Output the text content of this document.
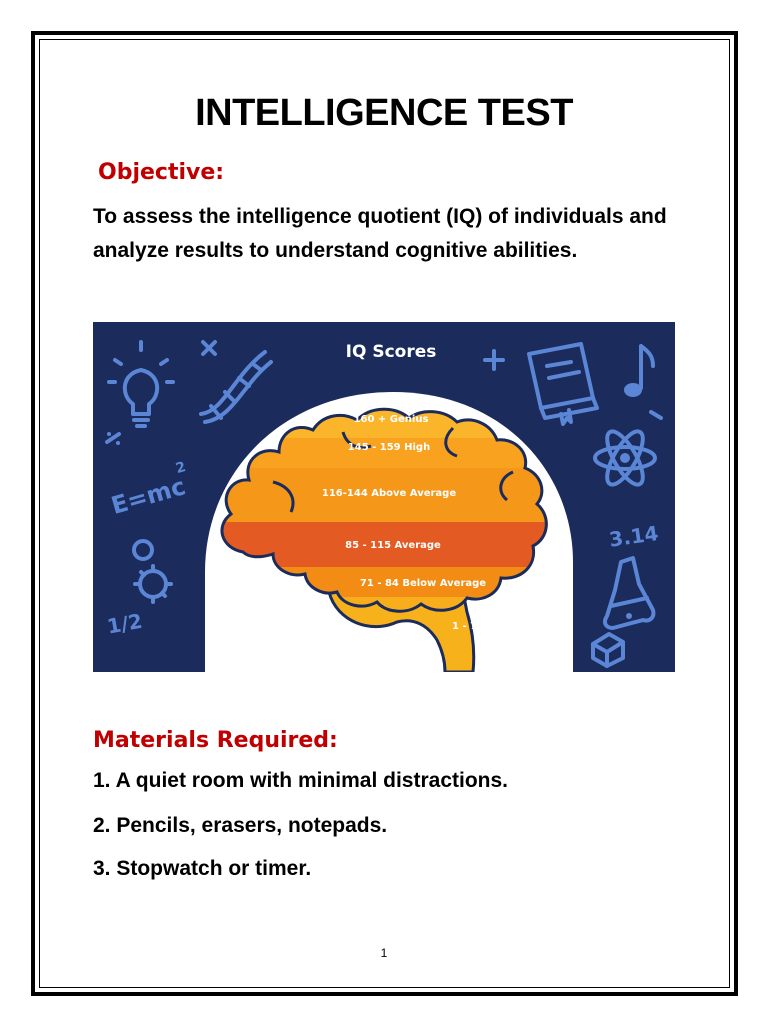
INTELLIGENCE TEST
Objective:

To assess the intelligence quotient (IQ) of individuals and analyze results to understand cognitive abilities.

IQ Scores
160 + Genius
145 - 159 High
116-144 Above Average
85 - 115 Average
71 - 84 Below Average
1 - 70 Low
E=mc
2
1/2
3.14
Materials Required:

1. A quiet room with minimal distractions.

2. Pencils, erasers, notepads.

3. Stopwatch or timer.

1
